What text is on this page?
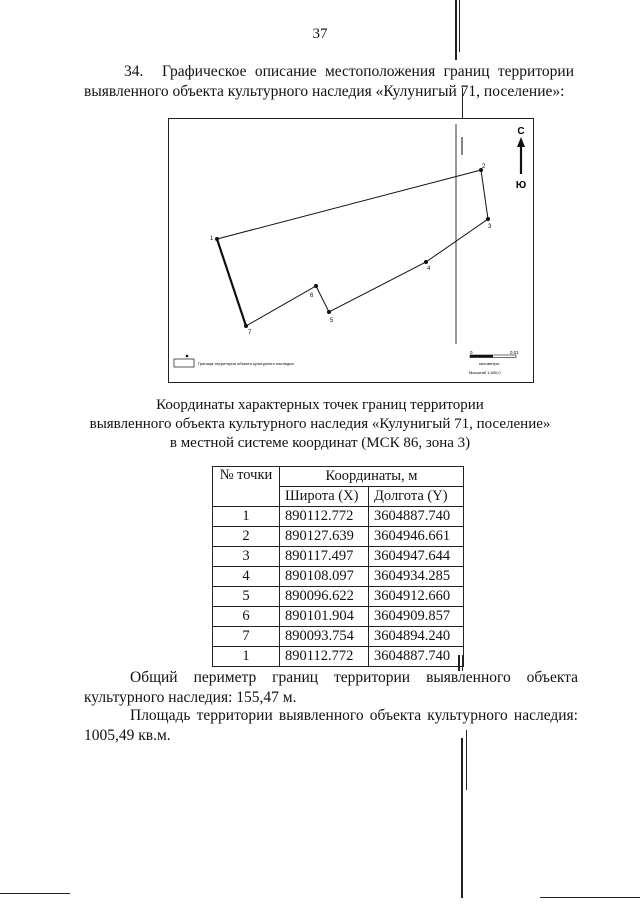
37
34. Графическое описание местоположения границ территории выявленного объекта культурного наследия «Кулунигый 71, поселение»:
1
2
3
4
5
6
7
С
Ю
Граница территории объекта культурного наследия
0	0,01
километры
Масштаб 1:400,0
Координаты характерных точек границ территории
выявленного объекта культурного наследия «Кулунигый 71, поселение»
в местной системе координат (МСК 86, зона 3)
№ точки	Координаты, м	
	Широта (X)	Долгота (Y)
1	890112.772	3604887.740
2	890127.639	3604946.661
3	890117.497	3604947.644
4	890108.097	3604934.285
5	890096.622	3604912.660
6	890101.904	3604909.857
7	890093.754	3604894.240
1	890112.772	3604887.740
Общий периметр границ территории выявленного объекта культурного наследия: 155,47 м.
Площадь территории выявленного объекта культурного наследия: 1005,49 кв.м.
